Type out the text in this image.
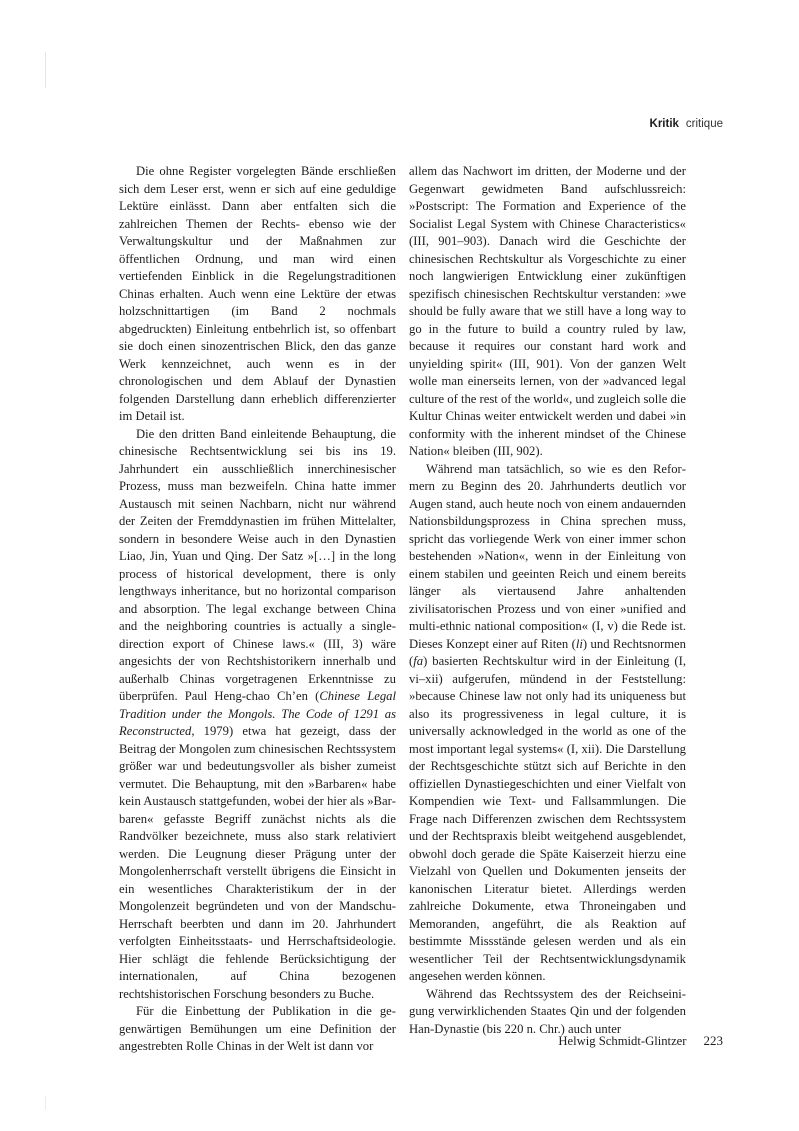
Kritik critique

Die ohne Register vorgelegten Bände erschließen sich dem Leser erst, wenn er sich auf eine geduldige Lektüre einlässt. Dann aber entfalten sich die zahlreichen Themen der Rechts- ebenso wie der Verwaltungskultur und der Maßnahmen zur öffentlichen Ordnung, und man wird einen vertiefenden Einblick in die Regelungstraditionen Chinas erhalten. Auch wenn eine Lektüre der etwas holzschnittartigen (im Band 2 nochmals abgedruckten) Einleitung entbehrlich ist, so offenbart sie doch einen sinozentrischen Blick, den das ganze Werk kennzeichnet, auch wenn es in der chronologischen und dem Ablauf der Dynastien folgenden Darstellung dann erheblich differenzierter im Detail ist.

Die den dritten Band einleitende Behauptung, die chinesische Rechtsentwicklung sei bis ins 19. Jahrhundert ein ausschließlich innerchinesischer Prozess, muss man bezweifeln. China hatte immer Austausch mit seinen Nachbarn, nicht nur während der Zeiten der Fremddynastien im frühen Mittelalter, sondern in besondere Weise auch in den Dynastien Liao, Jin, Yuan und Qing. Der Satz »[…] in the long process of historical development, there is only lengthways inheritance, but no horizontal comparison and absorption. The legal exchange between China and the neighboring countries is actually a single-direction export of Chinese laws.« (III, 3) wäre angesichts der von Rechtshistorikern innerhalb und außerhalb Chinas vorgetragenen Erkenntnisse zu überprüfen. Paul Heng-chao Ch’en (Chinese Legal Tradition under the Mongols. The Code of 1291 as Reconstructed, 1979) etwa hat gezeigt, dass der Beitrag der Mongolen zum chinesischen Rechtssystem größer war und bedeutungsvoller als bisher zumeist vermutet. Die Behauptung, mit den »Barbaren« habe kein Austausch stattgefunden, wobei der hier als »Barbaren« gefasste Begriff zunächst nichts als die Randvölker bezeichnete, muss also stark relativiert werden. Die Leugnung dieser Prägung unter der Mongolenherrschaft verstellt übrigens die Einsicht in ein wesentliches Charakteristikum der in der Mongolenzeit begründeten und von der Mandschu-Herrschaft beerbten und dann im 20. Jahrhundert verfolgten Einheitsstaats- und Herrschaftsideologie. Hier schlägt die fehlende Berücksichtigung der internationalen, auf China bezogenen rechtshistorischen Forschung besonders zu Buche.

Für die Einbettung der Publikation in die gegenwärtigen Bemühungen um eine Definition der angestrebten Rolle Chinas in der Welt ist dann vor

allem das Nachwort im dritten, der Moderne und der Gegenwart gewidmeten Band aufschlussreich: »Postscript: The Formation and Experience of the Socialist Legal System with Chinese Characteristics« (III, 901–903). Danach wird die Geschichte der chinesischen Rechtskultur als Vorgeschichte zu einer noch langwierigen Entwicklung einer zukünftigen spezifisch chinesischen Rechtskultur verstanden: »we should be fully aware that we still have a long way to go in the future to build a country ruled by law, because it requires our constant hard work and unyielding spirit« (III, 901). Von der ganzen Welt wolle man einerseits lernen, von der »advanced legal culture of the rest of the world«, und zugleich solle die Kultur Chinas weiter entwickelt werden und dabei »in conformity with the inherent mindset of the Chinese Nation« bleiben (III, 902).

Während man tatsächlich, so wie es den Reformern zu Beginn des 20. Jahrhunderts deutlich vor Augen stand, auch heute noch von einem andauernden Nationsbildungsprozess in China sprechen muss, spricht das vorliegende Werk von einer immer schon bestehenden »Nation«, wenn in der Einleitung von einem stabilen und geeinten Reich und einem bereits länger als viertausend Jahre anhaltenden zivilisatorischen Prozess und von einer »unified and multi-ethnic national composition« (I, v) die Rede ist. Dieses Konzept einer auf Riten (li) und Rechtsnormen (fa) basierten Rechtskultur wird in der Einleitung (I, vi–xii) aufgerufen, mündend in der Feststellung: »because Chinese law not only had its uniqueness but also its progressiveness in legal culture, it is universally acknowledged in the world as one of the most important legal systems« (I, xii). Die Darstellung der Rechtsgeschichte stützt sich auf Berichte in den offiziellen Dynastiegeschichten und einer Vielfalt von Kompendien wie Text- und Fallsammlungen. Die Frage nach Differenzen zwischen dem Rechtssystem und der Rechtspraxis bleibt weitgehend ausgeblendet, obwohl doch gerade die Späte Kaiserzeit hierzu eine Vielzahl von Quellen und Dokumenten jenseits der kanonischen Literatur bietet. Allerdings werden zahlreiche Dokumente, etwa Throneingaben und Memoranden, angeführt, die als Reaktion auf bestimmte Missstände gelesen werden und als ein wesentlicher Teil der Rechtsentwicklungsdynamik angesehen werden können.

Während das Rechtssystem des der Reichseinigung verwirklichenden Staates Qin und der folgenden Han-Dynastie (bis 220 n. Chr.) auch unter

Helwig Schmidt-Glintzer 223
